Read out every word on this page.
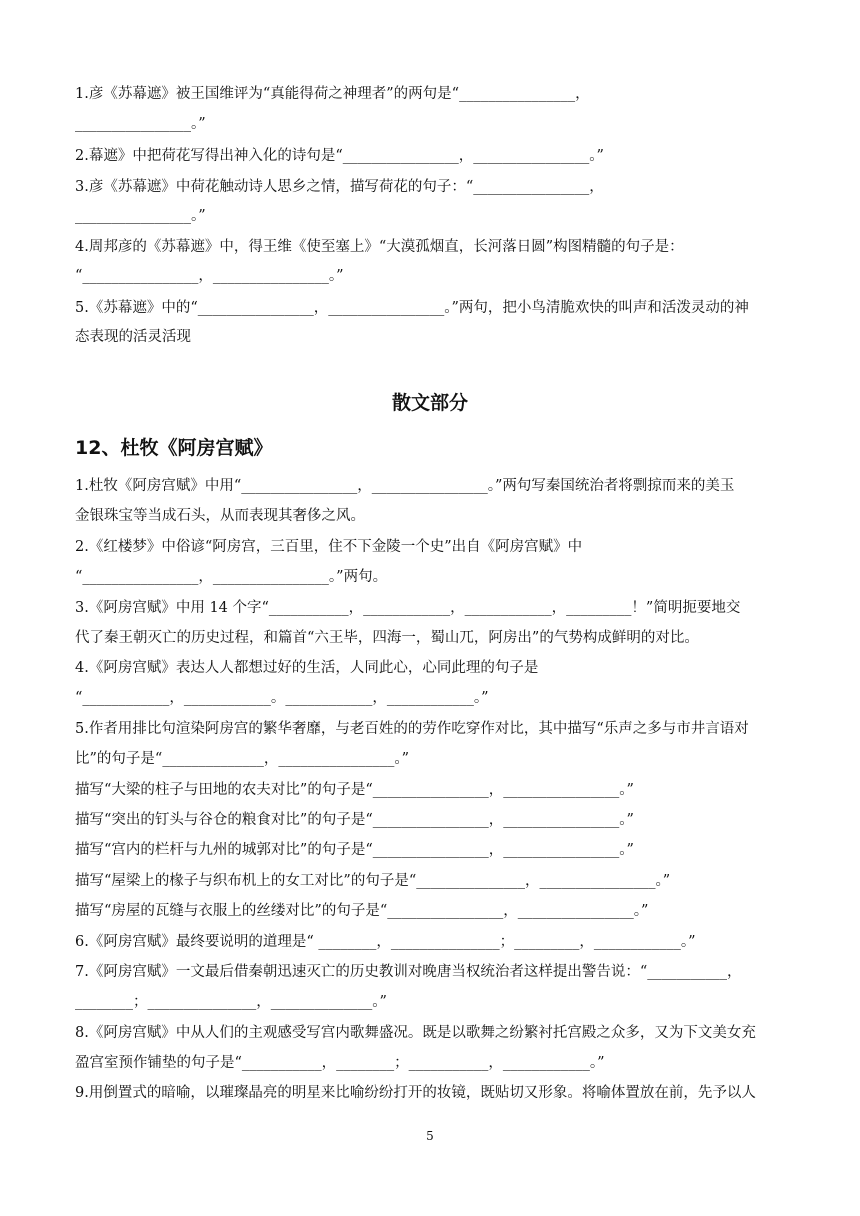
1.彦《苏幕遮》被王国维评为“真能得荷之神理者”的两句是“________________，
________________。”
2.幕遮》中把荷花写得出神入化的诗句是“________________，________________。”
3.彦《苏幕遮》中荷花触动诗人思乡之情，描写荷花的句子：“________________，
________________。”
4.周邦彦的《苏幕遮》中，得王维《使至塞上》“大漠孤烟直，长河落日圆”构图精髓的句子是：
“________________，________________。”
5.《苏幕遮》中的“________________，________________。”两句，把小鸟清脆欢快的叫声和活泼灵动的神
态表现的活灵活现
散文部分
12、杜牧《阿房宫赋》
1.杜牧《阿房宫赋》中用“________________，________________。”两句写秦国统治者将剽掠而来的美玉
金银珠宝等当成石头，从而表现其奢侈之风。
2.《红楼梦》中俗谚“阿房宫，三百里，住不下金陵一个史”出自《阿房宫赋》中
“________________，________________。”两句。
3.《阿房宫赋》中用 14 个字“___________，____________，____________，_________！”简明扼要地交
代了秦王朝灭亡的历史过程，和篇首“六王毕，四海一，蜀山兀，阿房出”的气势构成鲜明的对比。
4.《阿房宫赋》表达人人都想过好的生活，人同此心，心同此理的句子是
“____________，____________。____________，____________。”
5.作者用排比句渲染阿房宫的繁华奢靡，与老百姓的的劳作吃穿作对比，其中描写“乐声之多与市井言语对
比”的句子是“______________，________________。”
描写“大梁的柱子与田地的农夫对比”的句子是“________________，________________。”
描写“突出的钉头与谷仓的粮食对比”的句子是“________________，________________。”
描写“宫内的栏杆与九州的城郭对比”的句子是“________________，________________。”
描写“屋梁上的椽子与织布机上的女工对比”的句子是“_______________，________________。”
描写“房屋的瓦缝与衣服上的丝缕对比”的句子是“________________，________________。”
6.《阿房宫赋》最终要说明的道理是“ ________，_______________；_________，____________。”
7.《阿房宫赋》一文最后借秦朝迅速灭亡的历史教训对晚唐当权统治者这样提出警告说：“___________，
________；_______________，______________。”
8.《阿房宫赋》中从人们的主观感受写宫内歌舞盛况。既是以歌舞之纷繁衬托宫殿之众多，又为下文美女充
盈宫室预作铺垫的句子是“___________，________；___________，____________。”
9.用倒置式的暗喻，以璀璨晶亮的明星来比喻纷纷打开的妆镜，既贴切又形象。将喻体置放在前，先予以人
5
